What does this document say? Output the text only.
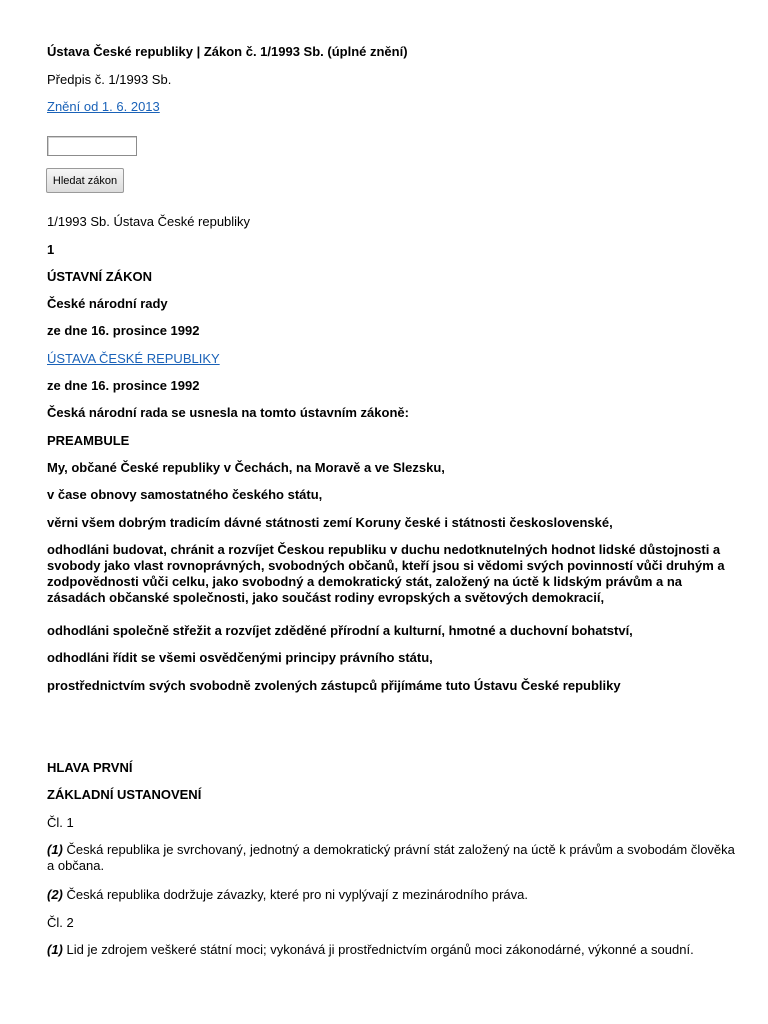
Ústava České republiky | Zákon č. 1/1993 Sb. (úplné znění)
Předpis č. 1/1993 Sb.
Znění od 1. 6. 2013
Hledat zákon
1/1993 Sb. Ústava České republiky
1
ÚSTAVNÍ ZÁKON
České národní rady
ze dne 16. prosince 1992
ÚSTAVA ČESKÉ REPUBLIKY
ze dne 16. prosince 1992
Česká národní rada se usnesla na tomto ústavním zákoně:
PREAMBULE
My, občané České republiky v Čechách, na Moravě a ve Slezsku,
v čase obnovy samostatného českého státu,
věrni všem dobrým tradicím dávné státnosti zemí Koruny české i státnosti československé,
odhodláni budovat, chránit a rozvíjet Českou republiku v duchu nedotknutelných hodnot lidské důstojnosti a svobody jako vlast rovnoprávných, svobodných občanů, kteří jsou si vědomi svých povinností vůči druhým a zodpovědnosti vůči celku, jako svobodný a demokratický stát, založený na úctě k lidským právům a na zásadách občanské společnosti, jako součást rodiny evropských a světových demokracií,
odhodláni společně střežit a rozvíjet zděděné přírodní a kulturní, hmotné a duchovní bohatství,
odhodláni řídit se všemi osvědčenými principy právního státu,
prostřednictvím svých svobodně zvolených zástupců přijímáme tuto Ústavu České republiky
HLAVA PRVNÍ
ZÁKLADNÍ USTANOVENÍ
Čl. 1
(1) Česká republika je svrchovaný, jednotný a demokratický právní stát založený na úctě k právům a svobodám člověka a občana.
(2) Česká republika dodržuje závazky, které pro ni vyplývají z mezinárodního práva.
Čl. 2
(1) Lid je zdrojem veškeré státní moci; vykonává ji prostřednictvím orgánů moci zákonodárné, výkonné a soudní.
